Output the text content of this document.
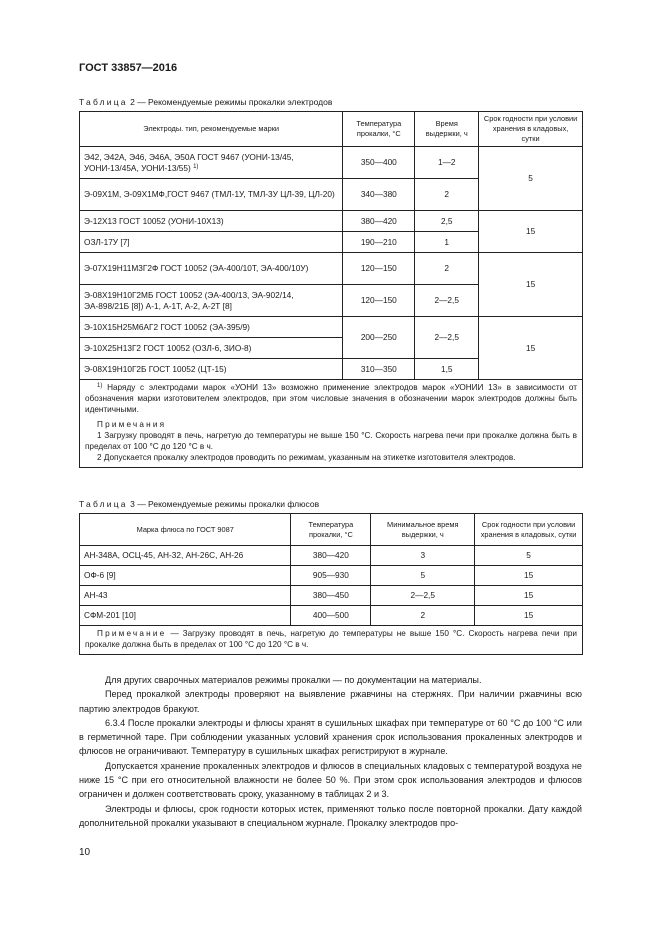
ГОСТ 33857—2016
Таблица 2 — Рекомендуемые режимы прокалки электродов
Электроды. тип, рекомендуемые марки	Температура прокалки, °С	Время выдержки, ч	Срок годности при условии хранения в кладовых, сутки
Э42, Э42А, Э46, Э46А, Э50А ГОСТ 9467 (УОНИ-13/45, УОНИ-13/45А, УОНИ-13/55) $^{1)}$	350—400	1—2	5
Э-09Х1М, Э-09Х1МФ,ГОСТ 9467 (ТМЛ-1У, ТМЛ-3У ЦЛ-39, ЦЛ-20)	340—380	2	
Э-12Х13 ГОСТ 10052 (УОНИ-10Х13)	380—420	2,5	15
ОЗЛ-17У [7]	190—210	1	
Э-07Х19Н11М3Г2Ф ГОСТ 10052 (ЭА-400/10Т, ЭА-400/10У)	120—150	2	15
Э-08Х19Н10Г2МБ ГОСТ 10052 (ЭА-400/13, ЭА-902/14, ЭА-898/21Б [8]) А-1, А-1Т, А-2, А-2Т [8]	120—150	2—2,5	
Э-10Х15Н25М6АГ2 ГОСТ 10052 (ЭА-395/9)	200—250	2—2,5	15
Э-10Х25Н13Г2 ГОСТ 10052 (ОЗЛ-6, ЗИО-8)			
Э-08Х19Н10Г2Б ГОСТ 10052 (ЦТ-15)	310—350	1,5	

$^{1)}$ Наряду с электродами марок «УОНИ 13» возможно применение электродов марок «УОНИИ 13» в зависимости от обозначения марки изготовителем электродов, при этом числовые значения в обозначении марок электродов должны быть идентичными.

Примечания

1 Загрузку проводят в печь, нагретую до температуры не выше 150 °С. Скорость нагрева печи при прокалке должна быть в пределах от 100 °С до 120 °С в ч.

2 Допускается прокалку электродов проводить по режимам, указанным на этикетке изготовителя электродов.			

Таблица 3 — Рекомендуемые режимы прокалки флюсов
Марка флюса по ГОСТ 9087	Температура прокалки, °С	Минимальное время выдержки, ч	Срок годности при условии хранения в кладовых, сутки
АН-348А, ОСЦ-45, АН-32, АН-26С, АН-26	380—420	3	5
ОФ-6 [9]	905—930	5	15
АН-43	380—450	2—2,5	15
СФМ-201 [10]	400—500	2	15

Примечание — Загрузку проводят в печь, нагретую до температуры не выше 150 °С. Скорость нагрева печи при прокалке должна быть в пределах от 100 °С до 120 °С в ч.			

Для других сварочных материалов режимы прокалки — по документации на материалы.

Перед прокалкой электроды проверяют на выявление ржавчины на стержнях. При наличии ржавчины всю партию электродов бракуют.

6.3.4 После прокалки электроды и флюсы хранят в сушильных шкафах при температуре от 60 °С до 100 °С или в герметичной таре. При соблюдении указанных условий хранения срок использования прокаленных электродов и флюсов не ограничивают. Температуру в сушильных шкафах регистрируют в журнале.

Допускается хранение прокаленных электродов и флюсов в специальных кладовых с температурой воздуха не ниже 15 °С при его относительной влажности не более 50 %. При этом срок использования электродов и флюсов ограничен и должен соответствовать сроку, указанному в таблицах 2 и 3.

Электроды и флюсы, срок годности которых истек, применяют только после повторной прокалки. Дату каждой дополнительной прокалки указывают в специальном журнале. Прокалку электродов про-

10
